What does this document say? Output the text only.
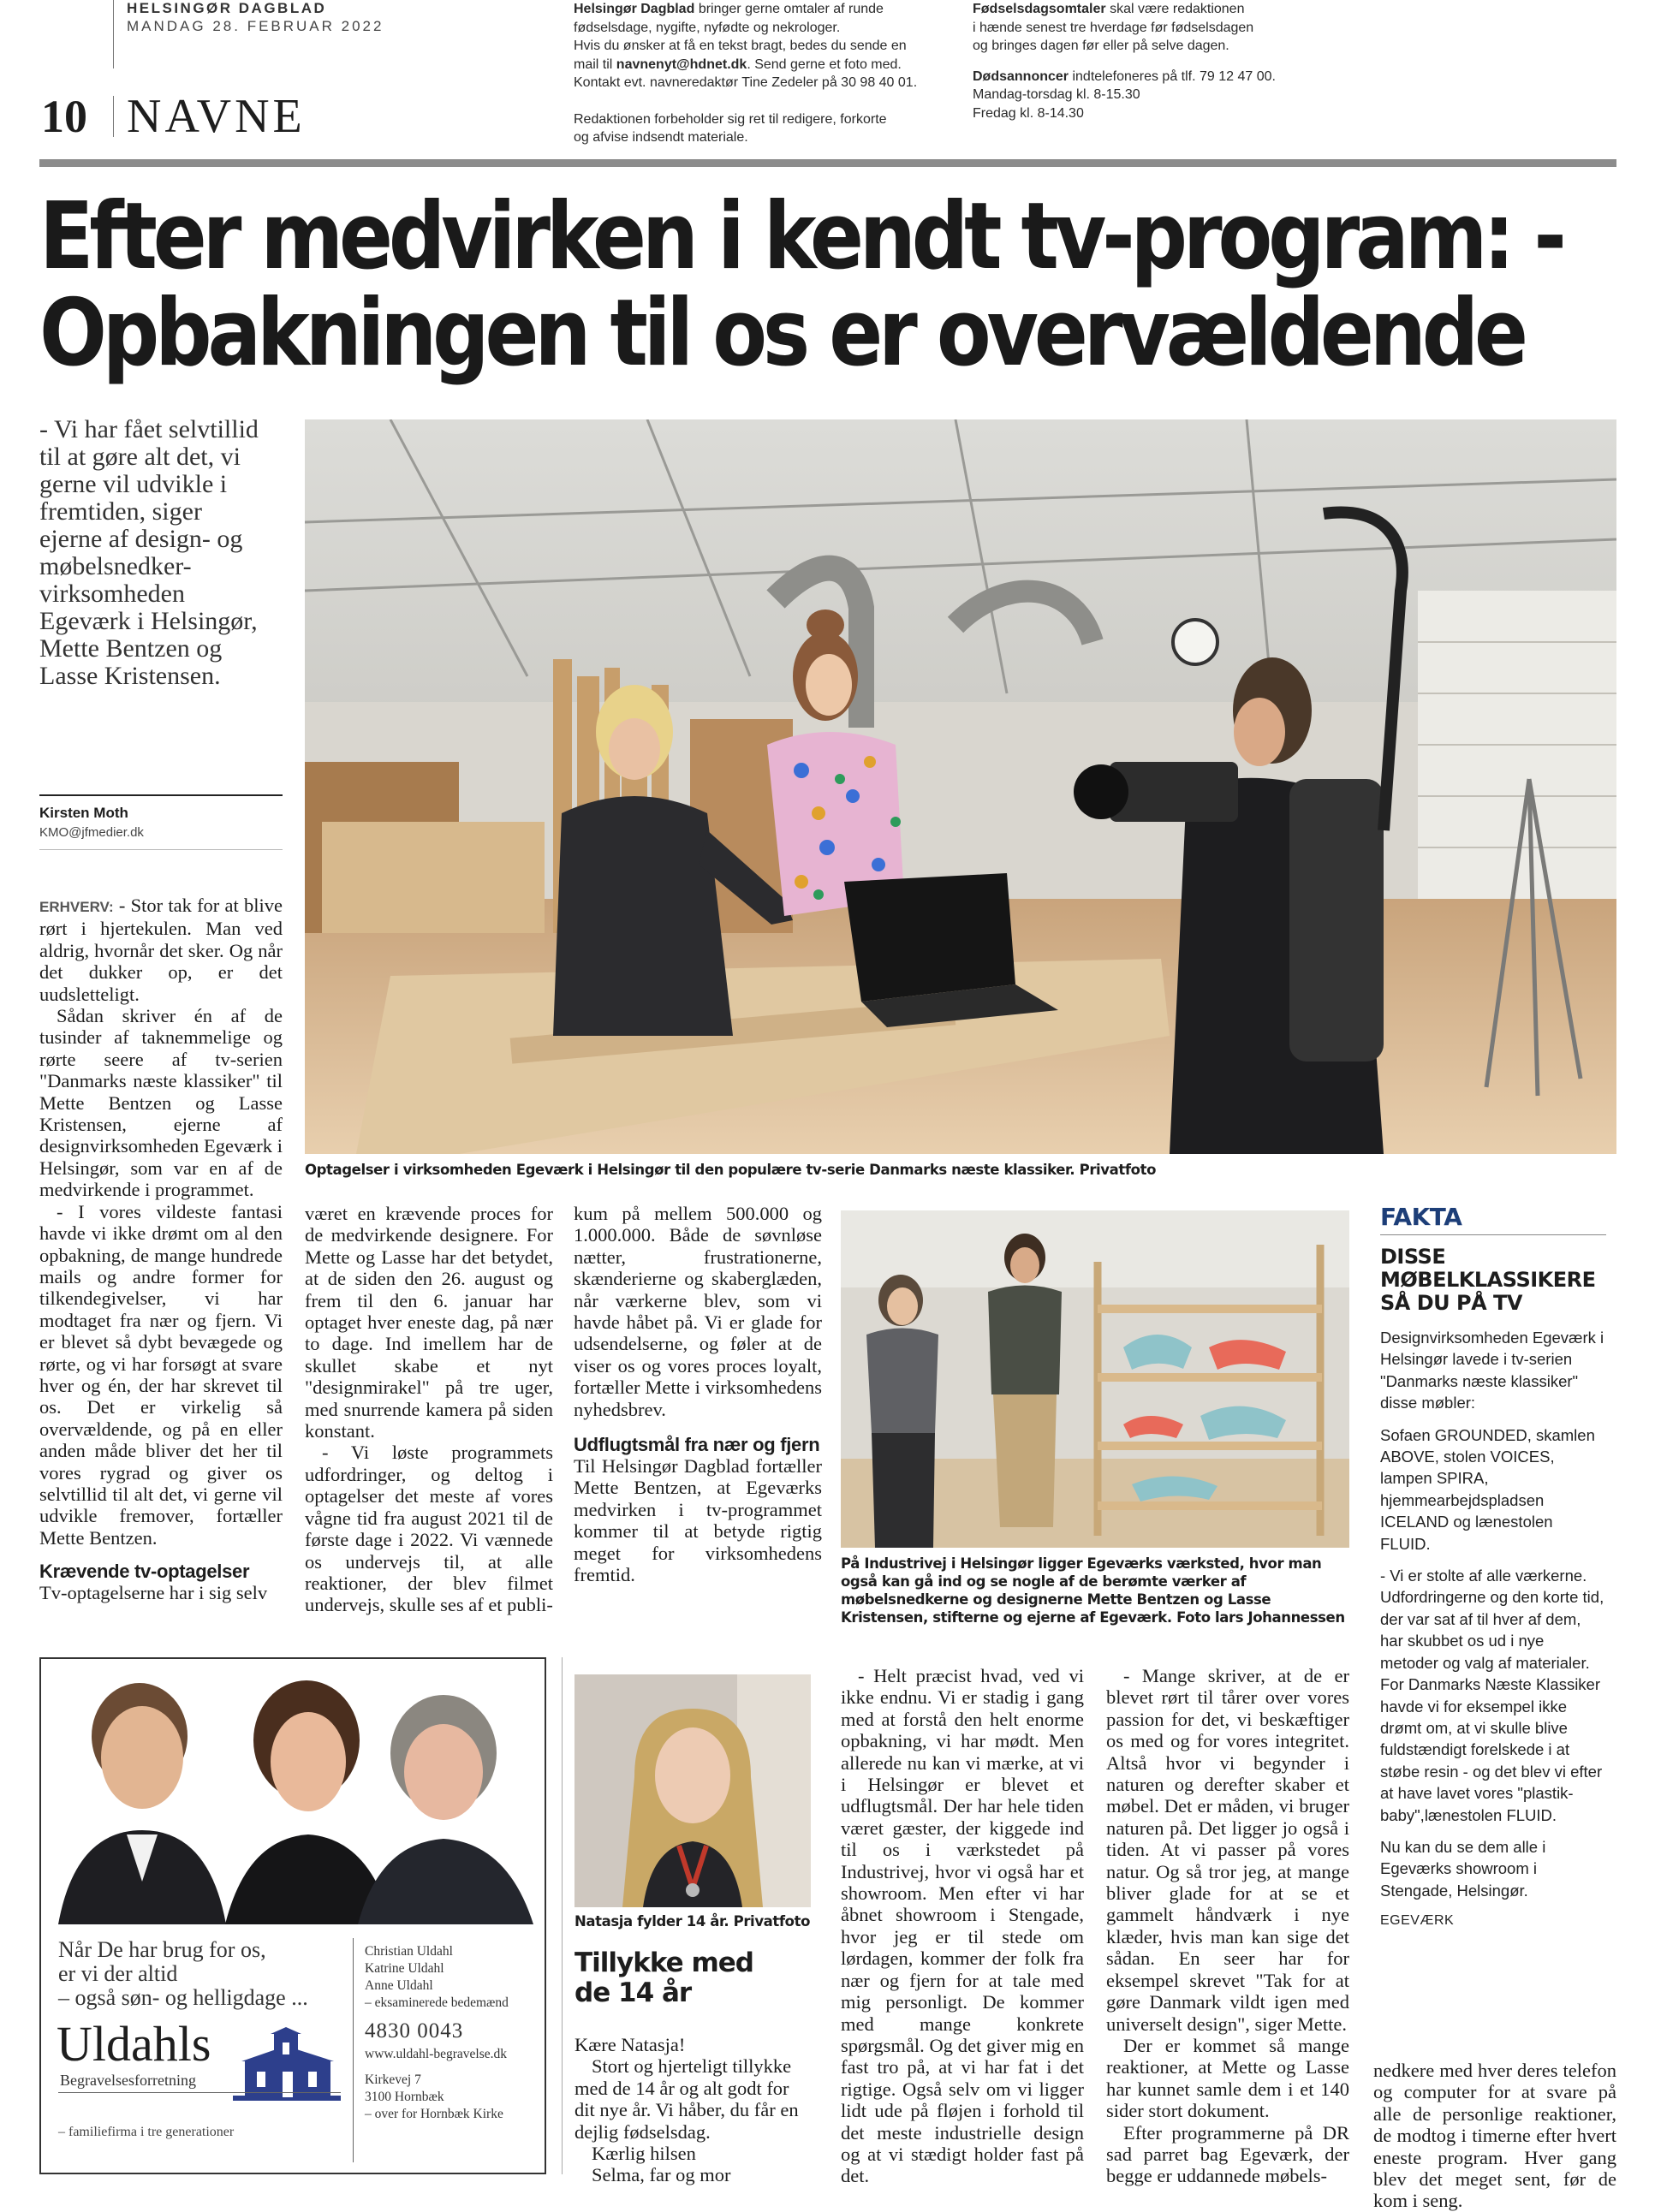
HELSINGØR DAGBLAD
MANDAG 28. FEBRUAR 2022
10 NAVNE
Helsingør Dagblad bringer gerne omtaler af runde
fødselsdage, nygifte, nyfødte og nekrologer.
Hvis du ønsker at få en tekst bragt, bedes du sende en
mail til navnenyt@hdnet.dk. Send gerne et foto med.
Kontakt evt. navneredaktør Tine Zedeler på 30 98 40 01.
Redaktionen forbeholder sig ret til redigere, forkorte
og afvise indsendt materiale.
Fødselsdagsomtaler skal være redaktionen
i hænde senest tre hverdage før fødselsdagen
og bringes dagen før eller på selve dagen.
Dødsannoncer indtelefoneres på tlf. 79 12 47 00.
Mandag-torsdag kl. 8-15.30
Fredag kl. 8-14.30
Efter medvirken i kendt tv-program: -
Opbakningen til os er overvældende
- Vi har fået selvtillid
til at gøre alt det, vi
gerne vil udvikle i
fremtiden, siger
ejerne af design- og
møbelsnedker-
virksomheden
Egeværk i Helsingør,
Mette Bentzen og
Lasse Kristensen.
Kirsten Moth
KMO@jfmedier.dk
Optagelser i virksomheden Egeværk i Helsingør til den populære tv-serie Danmarks næste klassiker. Privatfoto

ERHVERV: - Stor tak for at blive rørt i hjertekulen. Man ved aldrig, hvornår det sker. Og når det dukker op, er det uudsletteligt.

Sådan skriver én af de tusinder af taknemmelige og rørte seere af tv-serien "Danmarks næste klassiker" til Mette Bentzen og Lasse Kristensen, ejerne af designvirksomheden Egeværk i Helsingør, som var en af de medvirkende i programmet.

- I vores vildeste fantasi havde vi ikke drømt om al den opbakning, de mange hundrede mails og andre former for tilkendegivelser, vi har modtaget fra nær og fjern. Vi er blevet så dybt bevægede og rørte, og vi har forsøgt at svare hver og én, der har skrevet til os. Det er virkelig så overvældende, og på en eller anden måde bliver det her til vores rygrad og giver os selvtillid til alt det, vi gerne vil udvikle fremover, fortæller Mette Bentzen.

Krævende tv-optagelser

Tv-optagelserne har i sig selv

været en krævende proces for de medvirkende designere. For Mette og Lasse har det betydet, at de siden den 26. august og frem til den 6. januar har optaget hver eneste dag, på nær to dage. Ind imellem har de skullet skabe et nyt "designmirakel" på tre uger, med snurrende kamera på siden konstant.

- Vi løste programmets udfordringer, og deltog i optagelser det meste af vores vågne tid fra august 2021 til de første dage i 2022. Vi vænnede os undervejs til, at alle reaktioner, der blev filmet undervejs, skulle ses af et publi-

kum på mellem 500.000 og 1.000.000. Både de søvnløse nætter, frustrationerne, skænderierne og skaberglæden, når værkerne blev, som vi havde håbet på. Vi er glade for udsendelserne, og føler at de viser os og vores proces loyalt, fortæller Mette i virksomhedens nyhedsbrev.

Udflugtsmål fra nær og fjern

Til Helsingør Dagblad fortæller Mette Bentzen, at Egeværks medvirken i tv-programmet kommer til at betyde rigtig meget for virksomhedens fremtid.

På Industrivej i Helsingør ligger Egeværks værksted, hvor man også kan gå ind og se nogle af de berømte værker af møbelsnedkerne og designerne Mette Bentzen og Lasse Kristensen, stifterne og ejerne af Egeværk. Foto lars Johannessen
FAKTA
DISSE
MØBELKLASSIKERE
SÅ DU PÅ TV

Designvirksomheden Egeværk i Helsingør lavede i tv-serien "Danmarks næste klassiker" disse møbler:

Sofaen GROUNDED, skamlen ABOVE, stolen VOICES, lampen SPIRA, hjemmearbejdspladsen ICELAND og lænestolen FLUID.

- Vi er stolte af alle værkerne. Udfordringerne og den korte tid, der var sat af til hver af dem, har skubbet os ud i nye metoder og valg af materialer. For Danmarks Næste Klassiker havde vi for eksempel ikke drømt om, at vi skulle blive fuldstændigt forelskede i at støbe resin - og det blev vi efter at have lavet vores "plastik-baby",lænestolen FLUID.

Nu kan du se dem alle i Egeværks showroom i Stengade, Helsingør.

EGEVÆRK
Når De har brug for os,
er vi der altid
– også søn- og helligdage ...
Uldahls
Begravelsesforretning
– familiefirma i tre generationer
Christian Uldahl
Katrine Uldahl
Anne Uldahl
– eksaminerede bedemænd
4830 0043
www.uldahl-begravelse.dk
Kirkevej 7
3100 Hornbæk
– over for Hornbæk Kirke
Natasja fylder 14 år. Privatfoto
Tillykke med
de 14 år

Kære Natasja!

Stort og hjerteligt tillykke med de 14 år og alt godt for dit nye år. Vi håber, du får en dejlig fødselsdag.

Kærlig hilsen

Selma, far og mor

- Helt præcist hvad, ved vi ikke endnu. Vi er stadig i gang med at forstå den helt enorme opbakning, vi har mødt. Men allerede nu kan vi mærke, at vi i Helsingør er blevet et udflugtsmål. Der har hele tiden været gæster, der kiggede ind til os i værkstedet på Industrivej, hvor vi også har et showroom. Men efter vi har åbnet showroom i Stengade, hvor jeg er til stede om lørdagen, kommer der folk fra nær og fjern for at tale med mig personligt. De kommer med mange konkrete spørgsmål. Og det giver mig en fast tro på, at vi har fat i det rigtige. Også selv om vi ligger lidt ude på fløjen i forhold til det meste industrielle design og at vi stædigt holder fast på det.

- Mange skriver, at de er blevet rørt til tårer over vores passion for det, vi beskæftiger os med og for vores integritet. Altså hvor vi begynder i naturen og derefter skaber et møbel. Det er måden, vi bruger naturen på. Det ligger jo også i tiden. At vi passer på vores natur. Og så tror jeg, at mange bliver glade for at se et gammelt håndværk i nye klæder, hvis man kan sige det sådan. En seer har for eksempel skrevet "Tak for at gøre Danmark vildt igen med universelt design", siger Mette.

Der er kommet så mange reaktioner, at Mette og Lasse har kunnet samle dem i et 140 sider stort dokument.

Efter programmerne på DR sad parret bag Egeværk, der begge er uddannede møbels-

nedkere med hver deres telefon og computer for at svare på alle de personlige reaktioner, de modtog i timerne efter hvert eneste program. Hver gang blev det meget sent, før de kom i seng.
